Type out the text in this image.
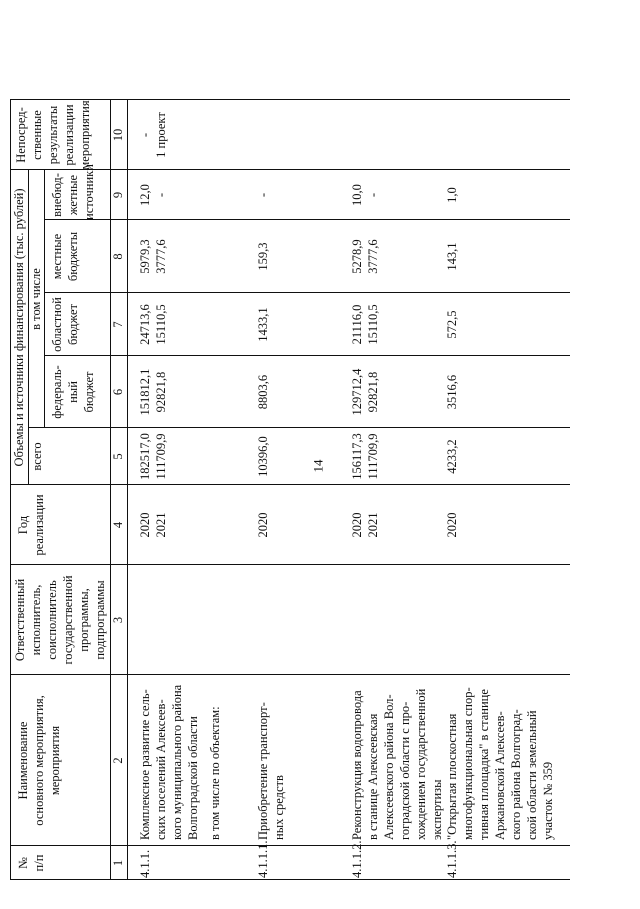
14
№ п/п
Наименование основного мероприятия, мероприятия
Ответственный исполнитель, соисполнитель государственной программы, подпрограммы
Год реализации
Объемы и источники финансирования (тыс. рублей) всего
в том числе
федераль- ный бюджет
областной бюджет
местные бюджеты
внебюд- жетные источники
Непосред- ственные результаты реализации мероприятия
1
2
3
4
5
6
7
8
9
10
4.1.1.
Комплексное развитие сель- ских поселений Алексеев- кого муниципального района Волгоградской области
2020 2021
182517,0 111709,9
151812,1 92821,8
24713,6 15110,5
5979,3 3777,6
12,0 -
- 1 проект
в том числе по объектам:
4.1.1.1.
Приобретение транспорт- ных средств
2020
10396,0
8803,6
1433,1
159,3
-
4.1.1.2.
Реконструкция водопровода в станице Алексеевская Алексеевского района Вол- гоградской области с про- хождением государственной экспертизы
2020 2021
156117,3 111709,9
129712,4 92821,8
21116,0 15110,5
5278,9 3777,6
10,0 -
4.1.1.3.
"Открытая плоскостная многофункциональная спор- тивная площадка" в станице Аржановской Алексеев- ского района Волгоград- ской области земельный участок № 359
2020
4233,2
3516,6
572,5
143,1
1,0
